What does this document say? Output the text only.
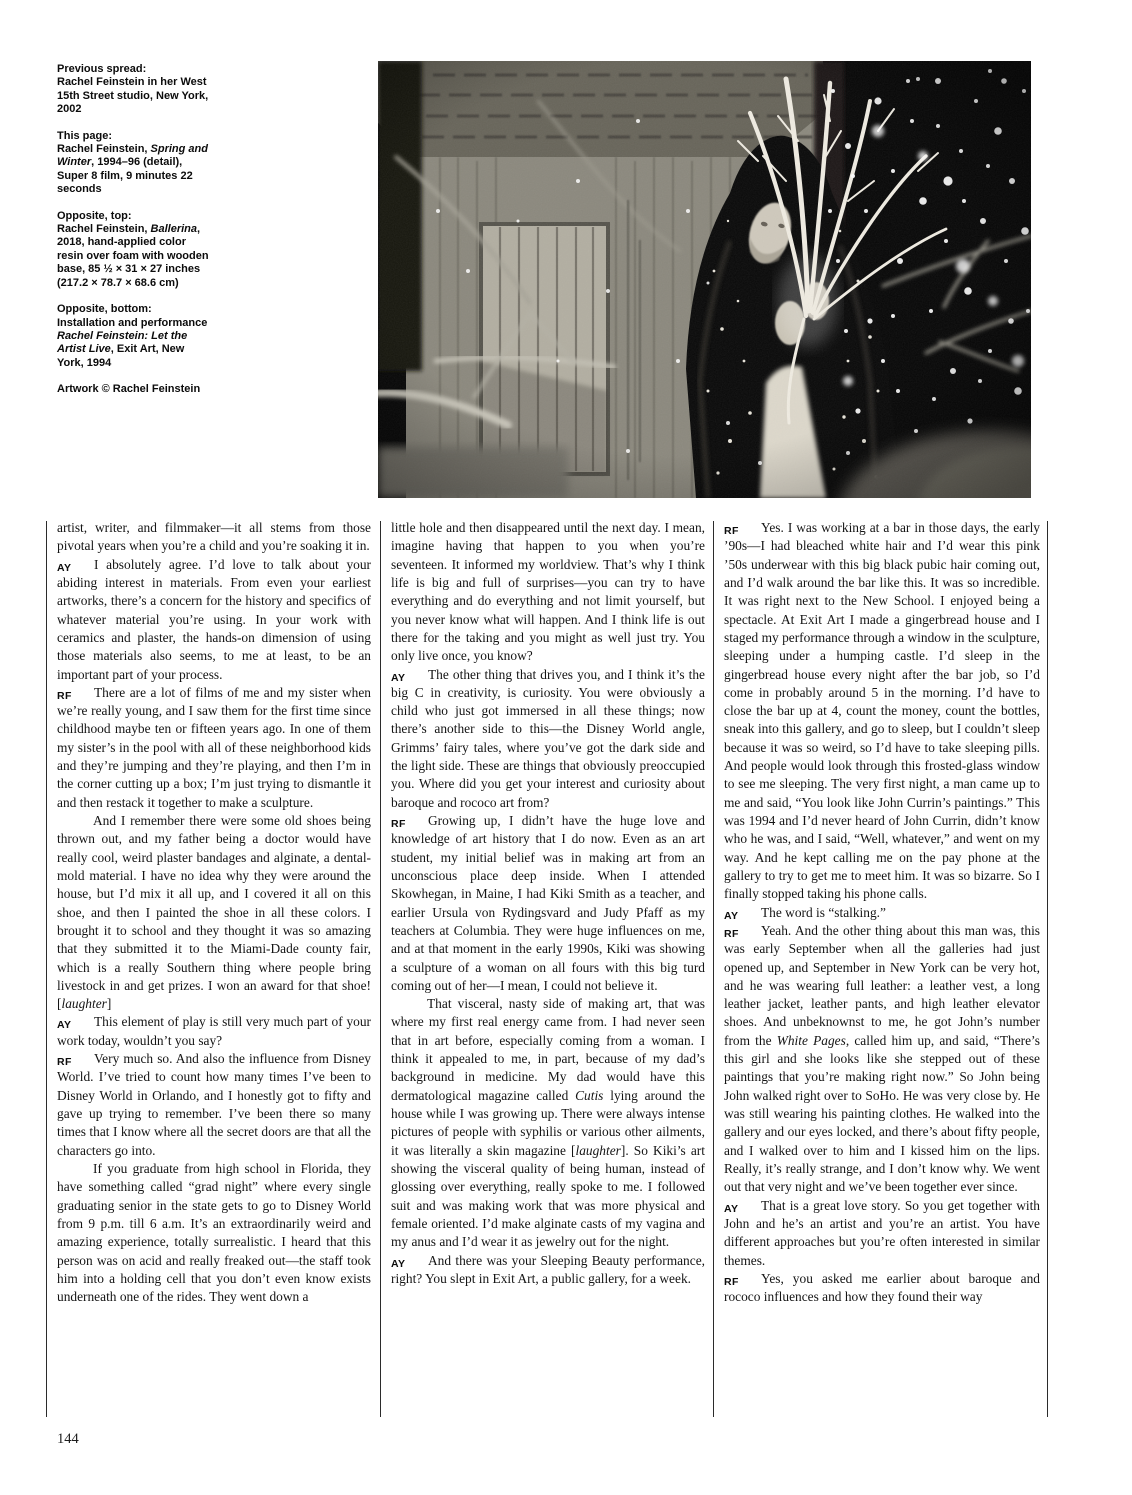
Previous spread:
Rachel Feinstein in her West
15th Street studio, New York,
2002

This page:
Rachel Feinstein, Spring and
Winter, 1994–96 (detail),
Super 8 film, 9 minutes 22
seconds

Opposite, top:
Rachel Feinstein, Ballerina,
2018, hand-applied color
resin over foam with wooden
base, 85 ½ × 31 × 27 inches
(217.2 × 78.7 × 68.6 cm)

Opposite, bottom:
Installation and performance
Rachel Feinstein: Let the
Artist Live, Exit Art, New
York, 1994

Artwork © Rachel Feinstein

artist, writer, and filmmaker—it all stems from those pivotal years when you’re a child and you’re soaking it in.

AY I absolutely agree. I’d love to talk about your abiding interest in materials. From even your earliest artworks, there’s a concern for the history and specifics of whatever material you’re using. In your work with ceramics and plaster, the hands-on dimension of using those materials also seems, to me at least, to be an important part of your process.

RF There are a lot of films of me and my sister when we’re really young, and I saw them for the first time since childhood maybe ten or fifteen years ago. In one of them my sister’s in the pool with all of these neighborhood kids and they’re jumping and they’re playing, and then I’m in the corner cutting up a box; I’m just trying to dismantle it and then restack it together to make a sculpture.

And I remember there were some old shoes being thrown out, and my father being a doctor would have really cool, weird plaster bandages and alginate, a dental-mold material. I have no idea why they were around the house, but I’d mix it all up, and I covered it all on this shoe, and then I painted the shoe in all these colors. I brought it to school and they thought it was so amazing that they submitted it to the Miami-Dade county fair, which is a really Southern thing where people bring livestock in and get prizes. I won an award for that shoe! [laughter]

AY This element of play is still very much part of your work today, wouldn’t you say?

RF Very much so. And also the influence from Disney World. I’ve tried to count how many times I’ve been to Disney World in Orlando, and I honestly got to fifty and gave up trying to remember. I’ve been there so many times that I know where all the secret doors are that all the characters go into.

If you graduate from high school in Florida, they have something called “grad night” where every single graduating senior in the state gets to go to Disney World from 9 p.m. till 6 a.m. It’s an extraordinarily weird and amazing experience, totally surrealistic. I heard that this person was on acid and really freaked out—the staff took him into a holding cell that you don’t even know exists underneath one of the rides. They went down a

little hole and then disappeared until the next day. I mean, imagine having that happen to you when you’re seventeen. It informed my worldview. That’s why I think life is big and full of surprises—you can try to have everything and do everything and not limit yourself, but you never know what will happen. And I think life is out there for the taking and you might as well just try. You only live once, you know?

AY The other thing that drives you, and I think it’s the big C in creativity, is curiosity. You were obviously a child who just got immersed in all these things; now there’s another side to this—the Disney World angle, Grimms’ fairy tales, where you’ve got the dark side and the light side. These are things that obviously preoccupied you. Where did you get your interest and curiosity about baroque and rococo art from?

RF Growing up, I didn’t have the huge love and knowledge of art history that I do now. Even as an art student, my initial belief was in making art from an unconscious place deep inside. When I attended Skowhegan, in Maine, I had Kiki Smith as a teacher, and earlier Ursula von Rydingsvard and Judy Pfaff as my teachers at Columbia. They were huge influences on me, and at that moment in the early 1990s, Kiki was showing a sculpture of a woman on all fours with this big turd coming out of her—I mean, I could not believe it.

That visceral, nasty side of making art, that was where my first real energy came from. I had never seen that in art before, especially coming from a woman. I think it appealed to me, in part, because of my dad’s background in medicine. My dad would have this dermatological magazine called Cutis lying around the house while I was growing up. There were always intense pictures of people with syphilis or various other ailments, it was literally a skin magazine [laughter]. So Kiki’s art showing the visceral quality of being human, instead of glossing over everything, really spoke to me. I followed suit and was making work that was more physical and female oriented. I’d make alginate casts of my vagina and my anus and I’d wear it as jewelry out for the night.

AY And there was your Sleeping Beauty performance, right? You slept in Exit Art, a public gallery, for a week.

RF Yes. I was working at a bar in those days, the early ’90s—I had bleached white hair and I’d wear this pink ’50s underwear with this big black pubic hair coming out, and I’d walk around the bar like this. It was so incredible. It was right next to the New School. I enjoyed being a spectacle. At Exit Art I made a gingerbread house and I staged my performance through a window in the sculpture, sleeping under a humping castle. I’d sleep in the gingerbread house every night after the bar job, so I’d come in probably around 5 in the morning. I’d have to close the bar up at 4, count the money, count the bottles, sneak into this gallery, and go to sleep, but I couldn’t sleep because it was so weird, so I’d have to take sleeping pills. And people would look through this frosted-glass window to see me sleeping. The very first night, a man came up to me and said, “You look like John Currin’s paintings.” This was 1994 and I’d never heard of John Currin, didn’t know who he was, and I said, “Well, whatever,” and went on my way. And he kept calling me on the pay phone at the gallery to try to get me to meet him. It was so bizarre. So I finally stopped taking his phone calls.

AY The word is “stalking.”

RF Yeah. And the other thing about this man was, this was early September when all the galleries had just opened up, and September in New York can be very hot, and he was wearing full leather: a leather vest, a long leather jacket, leather pants, and high leather elevator shoes. And unbeknownst to me, he got John’s number from the White Pages, called him up, and said, “There’s this girl and she looks like she stepped out of these paintings that you’re making right now.” So John being John walked right over to SoHo. He was very close by. He was still wearing his painting clothes. He walked into the gallery and our eyes locked, and there’s about fifty people, and I walked over to him and I kissed him on the lips. Really, it’s really strange, and I don’t know why. We went out that very night and we’ve been together ever since.

AY That is a great love story. So you get together with John and he’s an artist and you’re an artist. You have different approaches but you’re often interested in similar themes.

RF Yes, you asked me earlier about baroque and rococo influences and how they found their way

144
